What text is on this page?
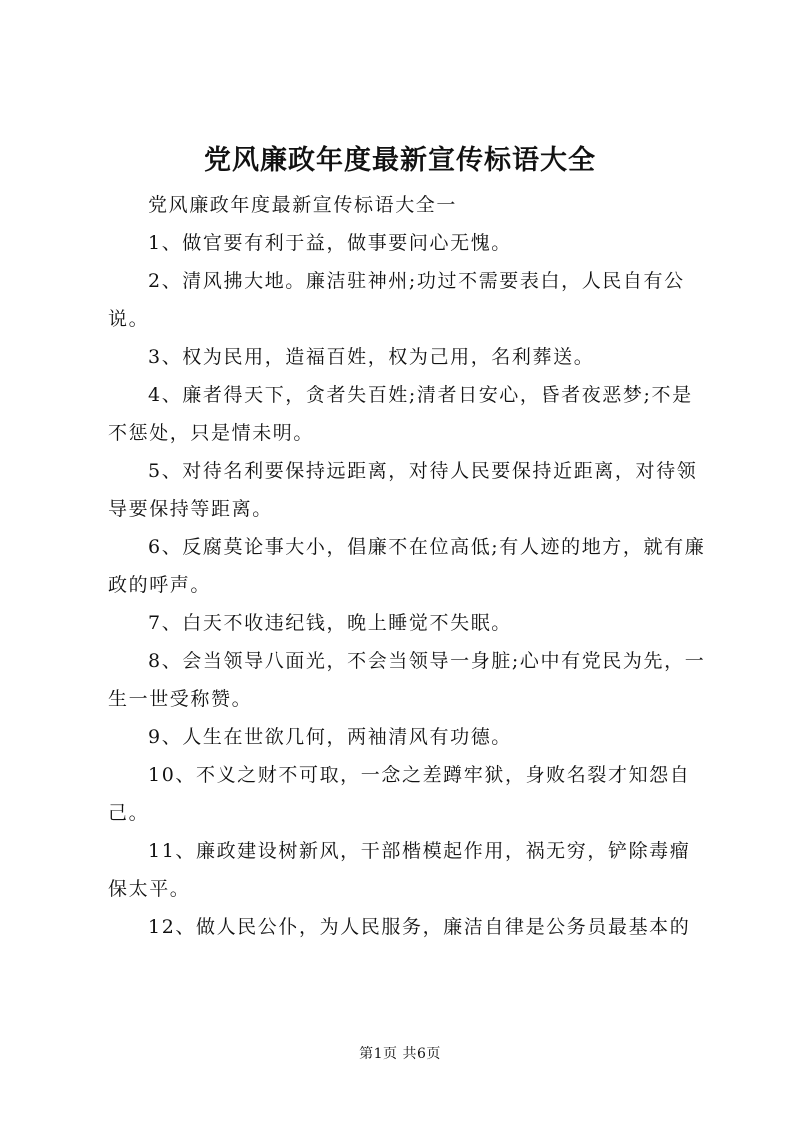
党风廉政年度最新宣传标语大全

党风廉政年度最新宣传标语大全一

1、做官要有利于益，做事要问心无愧。

2、清风拂大地。廉洁驻神州;功过不需要表白，人民自有公说。

3、权为民用，造福百姓，权为己用，名利葬送。

4、廉者得天下，贪者失百姓;清者日安心，昏者夜恶梦;不是不惩处，只是情未明。

5、对待名利要保持远距离，对待人民要保持近距离，对待领导要保持等距离。

6、反腐莫论事大小，倡廉不在位高低;有人迹的地方，就有廉政的呼声。

7、白天不收违纪钱，晚上睡觉不失眠。

8、会当领导八面光，不会当领导一身脏;心中有党民为先，一生一世受称赞。

9、人生在世欲几何，两袖清风有功德。

10、不义之财不可取，一念之差蹲牢狱，身败名裂才知怨自己。

11、廉政建设树新风，干部楷模起作用，祸无穷，铲除毒瘤保太平。

12、做人民公仆，为人民服务，廉洁自律是公务员最基本的

第1页 共6页
